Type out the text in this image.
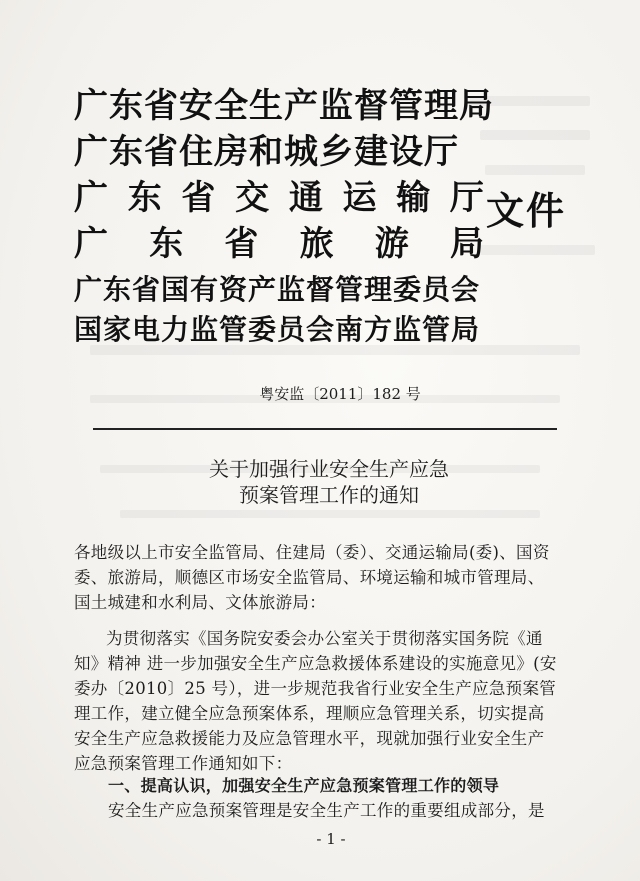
广东省安全生产监督管理局
广东省住房和城乡建设厅
广 东 省 交 通 运 输 厅
广 东 省 旅 游 局
广东省国有资产监督管理委员会
国家电力监管委员会南方监管局
文件
粤安监〔2011〕182 号
关于加强行业安全生产应急
预案管理工作的通知
各地级以上市安全监管局、住建局（委）、交通运输局(委)、国资
委、旅游局，顺德区市场安全监管局、环境运输和城市管理局、
国土城建和水利局、文体旅游局：
为贯彻落实《国务院安委会办公室关于贯彻落实国务院《通
知》精神 进一步加强安全生产应急救援体系建设的实施意见》(安
委办〔2010〕25 号），进一步规范我省行业安全生产应急预案管
理工作，建立健全应急预案体系，理顺应急管理关系，切实提高
安全生产应急救援能力及应急管理水平，现就加强行业安全生产
应急预案管理工作通知如下：
一、提高认识，加强安全生产应急预案管理工作的领导
安全生产应急预案管理是安全生产工作的重要组成部分，是
- 1 -
